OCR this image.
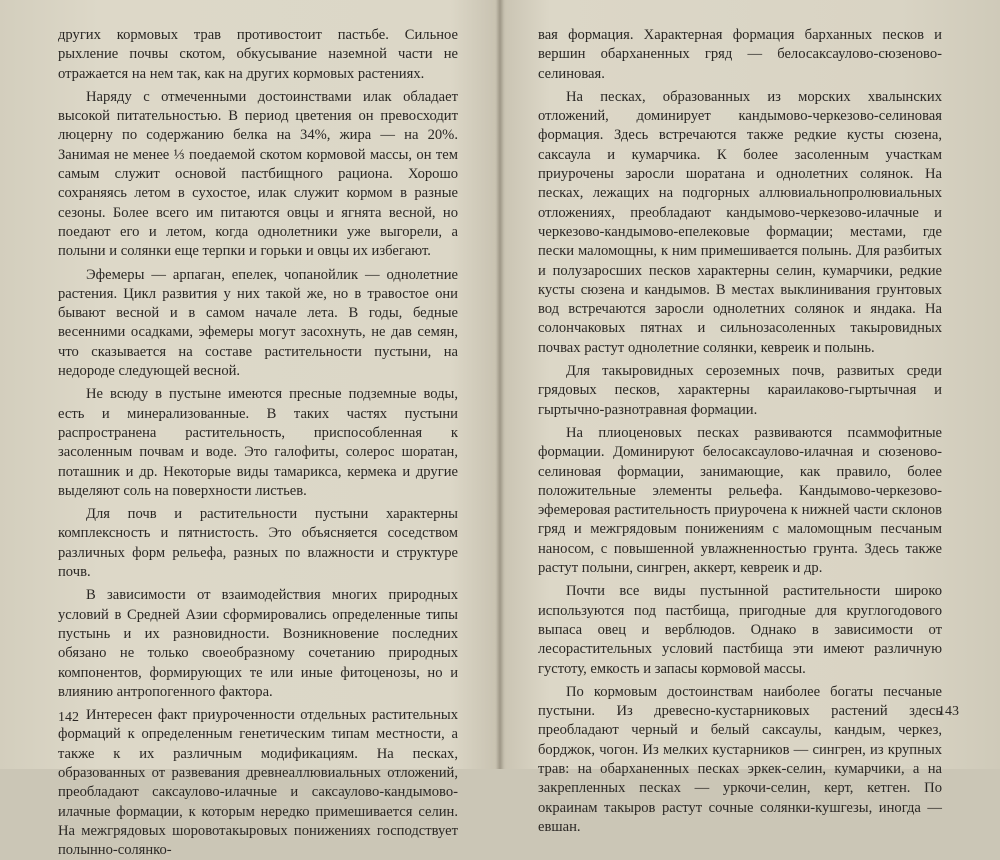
других кормовых трав противостоит пастьбе. Сильное рыхление почвы скотом, обкусывание наземной части не отражается на нем так, как на других кормовых растениях.

Наряду с отмеченными достоинствами илак обладает высокой питательностью. В период цветения он превосходит люцерну по содержанию белка на 34%, жира — на 20%. Занимая не менее ⅓ поедаемой скотом кормовой массы, он тем самым служит основой пастбищного рациона. Хорошо сохраняясь летом в сухостое, илак служит кормом в разные сезоны. Более всего им питаются овцы и ягнята весной, но поедают его и летом, когда однолетники уже выгорели, а полыни и солянки еще терпки и горьки и овцы их избегают.

Эфемеры — арпаган, епелек, чопанойлик — однолетние растения. Цикл развития у них такой же, но в травостое они бывают весной и в самом начале лета. В годы, бедные весенними осадками, эфемеры могут засохнуть, не дав семян, что сказывается на составе растительности пустыни, на недороде следующей весной.

Не всюду в пустыне имеются пресные подземные воды, есть и минерализованные. В таких частях пустыни распространена растительность, приспособленная к засоленным почвам и воде. Это галофиты, солерос шоратан, поташник и др. Некоторые виды тамарикса, кермека и другие выделяют соль на поверхности листьев.

Для почв и растительности пустыни характерны комплексность и пятнистость. Это объясняется соседством различных форм рельефа, разных по влажности и структуре почв.

В зависимости от взаимодействия многих природных условий в Средней Азии сформировались определенные типы пустынь и их разновидности. Возникновение последних обязано не только своеобразному сочетанию природных компонентов, формирующих те или иные фитоценозы, но и влиянию антропогенного фактора.

Интересен факт приуроченности отдельных растительных формаций к определенным генетическим типам местности, а также к их различным модификациям. На песках, образованных от развевания древнеаллювиальных отложений, преобладают саксаулово-илачные и саксаулово-кандымово-илачные формации, к которым нередко примешивается селин. На межгрядовых шоровотакыровых понижениях господствует полынно-солянко-

142

вая формация. Характерная формация барханных песков и вершин обарханенных гряд — белосаксаулово-сюзеново-селиновая.

На песках, образованных из морских хвалынских отложений, доминирует кандымово-черкезово-селиновая формация. Здесь встречаются также редкие кусты сюзена, саксаула и кумарчика. К более засоленным участкам приурочены заросли шоратана и однолетних солянок. На песках, лежащих на подгорных аллювиальнопролювиальных отложениях, преобладают кандымово-черкезово-илачные и черкезово-кандымово-епелековые формации; местами, где пески маломощны, к ним примешивается полынь. Для разбитых и полузаросших песков характерны селин, кумарчики, редкие кусты сюзена и кандымов. В местах выклинивания грунтовых вод встречаются заросли однолетних солянок и яндака. На солончаковых пятнах и сильнозасоленных такыровидных почвах растут однолетние солянки, кевреик и полынь.

Для такыровидных сероземных почв, развитых среди грядовых песков, характерны караилаково-гыртычная и гыртычно-разнотравная формации.

На плиоценовых песках развиваются псаммофитные формации. Доминируют белосаксаулово-илачная и сюзеново-селиновая формации, занимающие, как правило, более положительные элементы рельефа. Кандымово-черкезово-эфемеровая растительность приурочена к нижней части склонов гряд и межгрядовым понижениям с маломощным песчаным наносом, с повышенной увлажненностью грунта. Здесь также растут полыни, сингрен, аккерт, кевреик и др.

Почти все виды пустынной растительности широко используются под пастбища, пригодные для круглогодового выпаса овец и верблюдов. Однако в зависимости от лесорастительных условий пастбища эти имеют различную густоту, емкость и запасы кормовой массы.

По кормовым достоинствам наиболее богаты песчаные пустыни. Из древесно-кустарниковых растений здесь преобладают черный и белый саксаулы, кандым, черкез, борджок, чогон. Из мелких кустарников — сингрен, из крупных трав: на обарханенных песках эркек-селин, кумарчики, а на закрепленных песках — уркочи-селин, керт, кетген. По окраинам такыров растут сочные солянки-кушгезы, иногда — евшан.

143
